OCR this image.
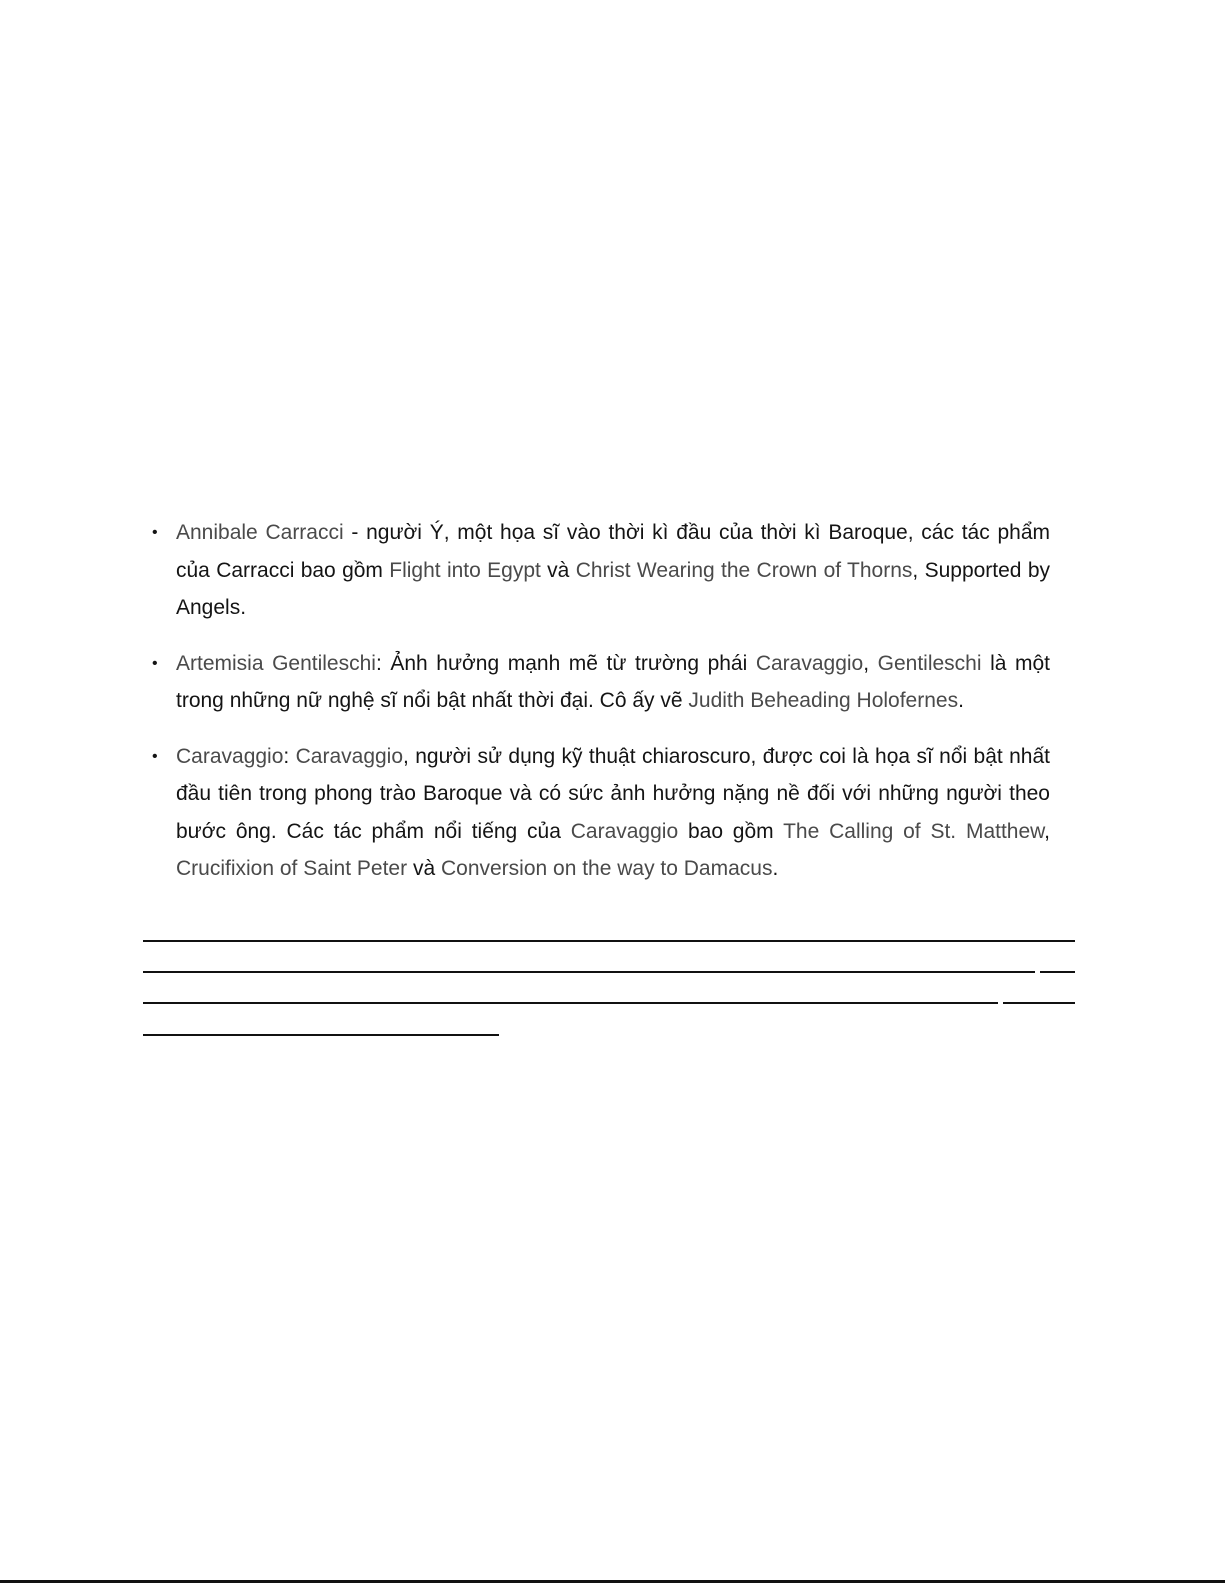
• Annibale Carracci - người Ý, một họa sĩ vào thời kì đầu của thời kì Baroque, các tác phẩm của Carracci bao gồm Flight into Egypt và Christ Wearing the Crown of Thorns, Supported by Angels.
• Artemisia Gentileschi: Ảnh hưởng mạnh mẽ từ trường phái Caravaggio, Gentileschi là một trong những nữ nghệ sĩ nổi bật nhất thời đại. Cô ấy vẽ Judith Beheading Holofernes.
• Caravaggio: Caravaggio, người sử dụng kỹ thuật chiaroscuro, được coi là họa sĩ nổi bật nhất đầu tiên trong phong trào Baroque và có sức ảnh hưởng nặng nề đối với những người theo bước ông. Các tác phẩm nổi tiếng của Caravaggio bao gồm The Calling of St. Matthew, Crucifixion of Saint Peter và Conversion on the way to Damacus.
